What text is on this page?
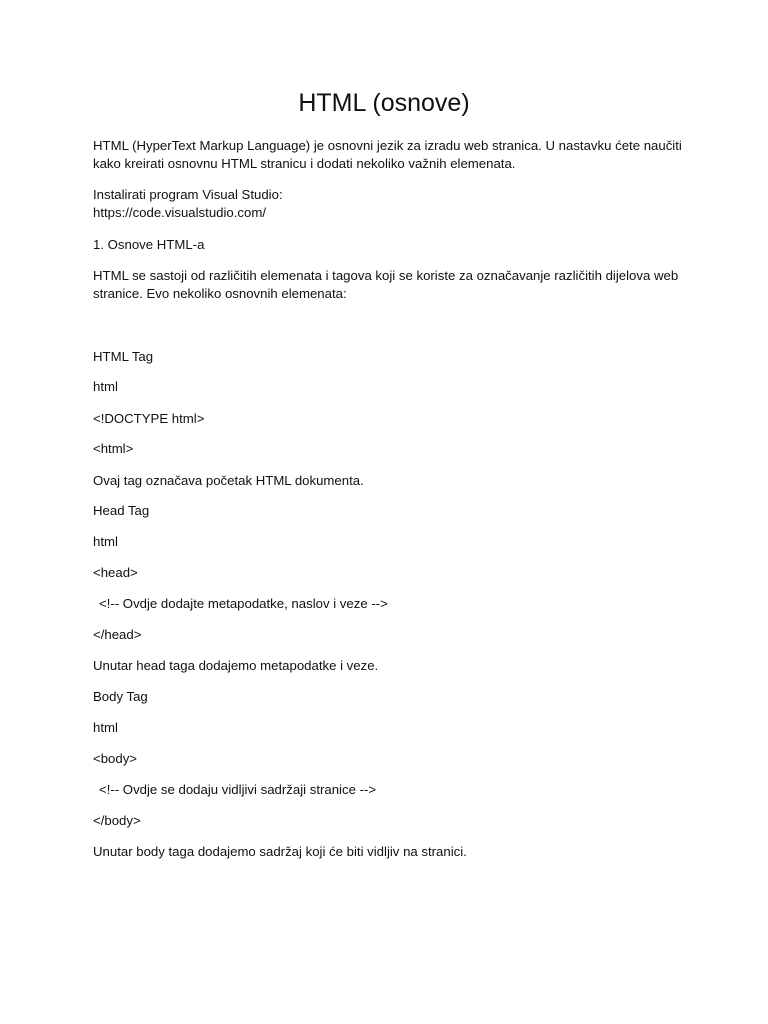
HTML (osnove)
HTML (HyperText Markup Language) je osnovni jezik za izradu web stranica. U nastavku ćete naučiti
kako kreirati osnovnu HTML stranicu i dodati nekoliko važnih elemenata.
Instalirati program Visual Studio:
https://code.visualstudio.com/
1. Osnove HTML-a
HTML se sastoji od različitih elemenata i tagova koji se koriste za označavanje različitih dijelova web
stranice. Evo nekoliko osnovnih elemenata:
HTML Tag
html
<!DOCTYPE html>
<html>
Ovaj tag označava početak HTML dokumenta.
Head Tag
html
<head>
<!-- Ovdje dodajte metapodatke, naslov i veze -->
</head>
Unutar head taga dodajemo metapodatke i veze.
Body Tag
html
<body>
<!-- Ovdje se dodaju vidljivi sadržaji stranice -->
</body>
Unutar body taga dodajemo sadržaj koji će biti vidljiv na stranici.
